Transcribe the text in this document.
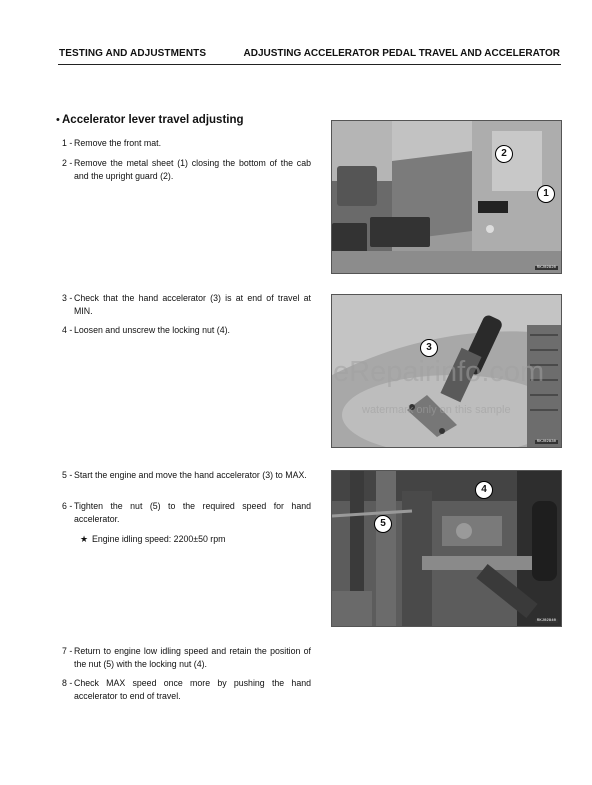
TESTING AND ADJUSTMENTS	ADJUSTING ACCELERATOR PEDAL TRAVEL AND ACCELERATOR
• Accelerator lever travel adjusting
1 - Remove the front mat.
2 - Remove the metal sheet (1) closing the bottom of the cab and the upright guard (2).
3 - Check that the hand accelerator (3) is at end of travel at MIN.
4 - Loosen and unscrew the locking nut (4).
5 - Start the engine and move the hand accelerator (3) to MAX.
6 - Tighten the nut (5) to the required speed for hand accelerator.
★ Engine idling speed: 2200±50 rpm
7 - Return to engine low idling speed and retain the position of the nut (5) with the locking nut (4).
8 - Check MAX speed once more by pushing the hand accelerator to end of travel.
2
1
RKJ02820
3
RKJ02830
4
5
RKJ02840
eRepairinfo.com
watermark only on this sample
